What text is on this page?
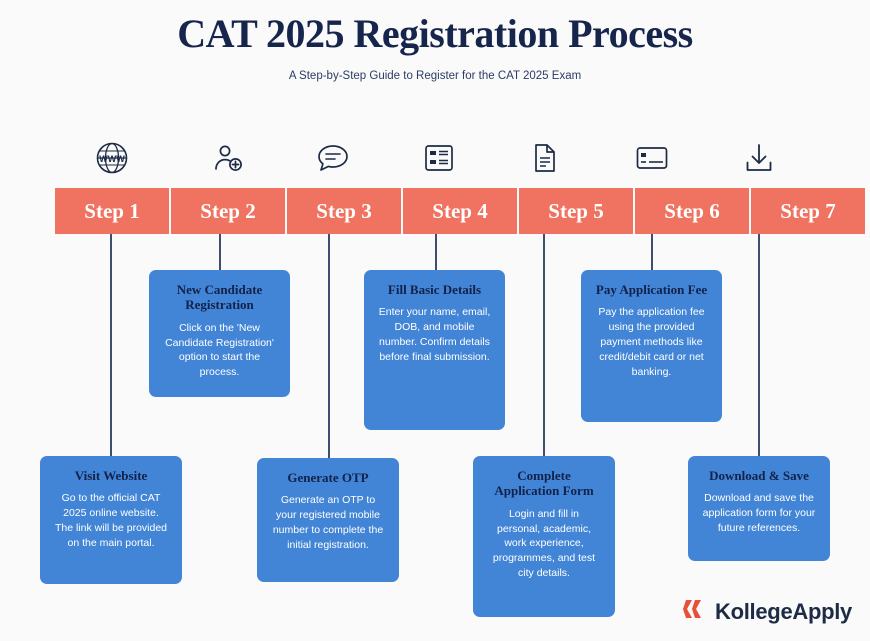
CAT 2025 Registration Process
A Step-by-Step Guide to Register for the CAT 2025 Exam
WWW
Step 1	Step 2	Step 3	Step 4	Step 5	Step 6	Step 7
New Candidate Registration
Click on the 'New Candidate Registration' option to start the process.
Fill Basic Details
Enter your name, email, DOB, and mobile number. Confirm details before final submission.
Pay Application Fee
Pay the application fee using the provided payment methods like credit/debit card or net banking.
Visit Website
Go to the official CAT 2025 online website. The link will be provided on the main portal.
Generate OTP
Generate an OTP to your registered mobile number to complete the initial registration.
Complete Application Form
Login and fill in personal, academic, work experience, programmes, and test city details.
Download & Save
Download and save the application form for your future references.
KollegeApply
